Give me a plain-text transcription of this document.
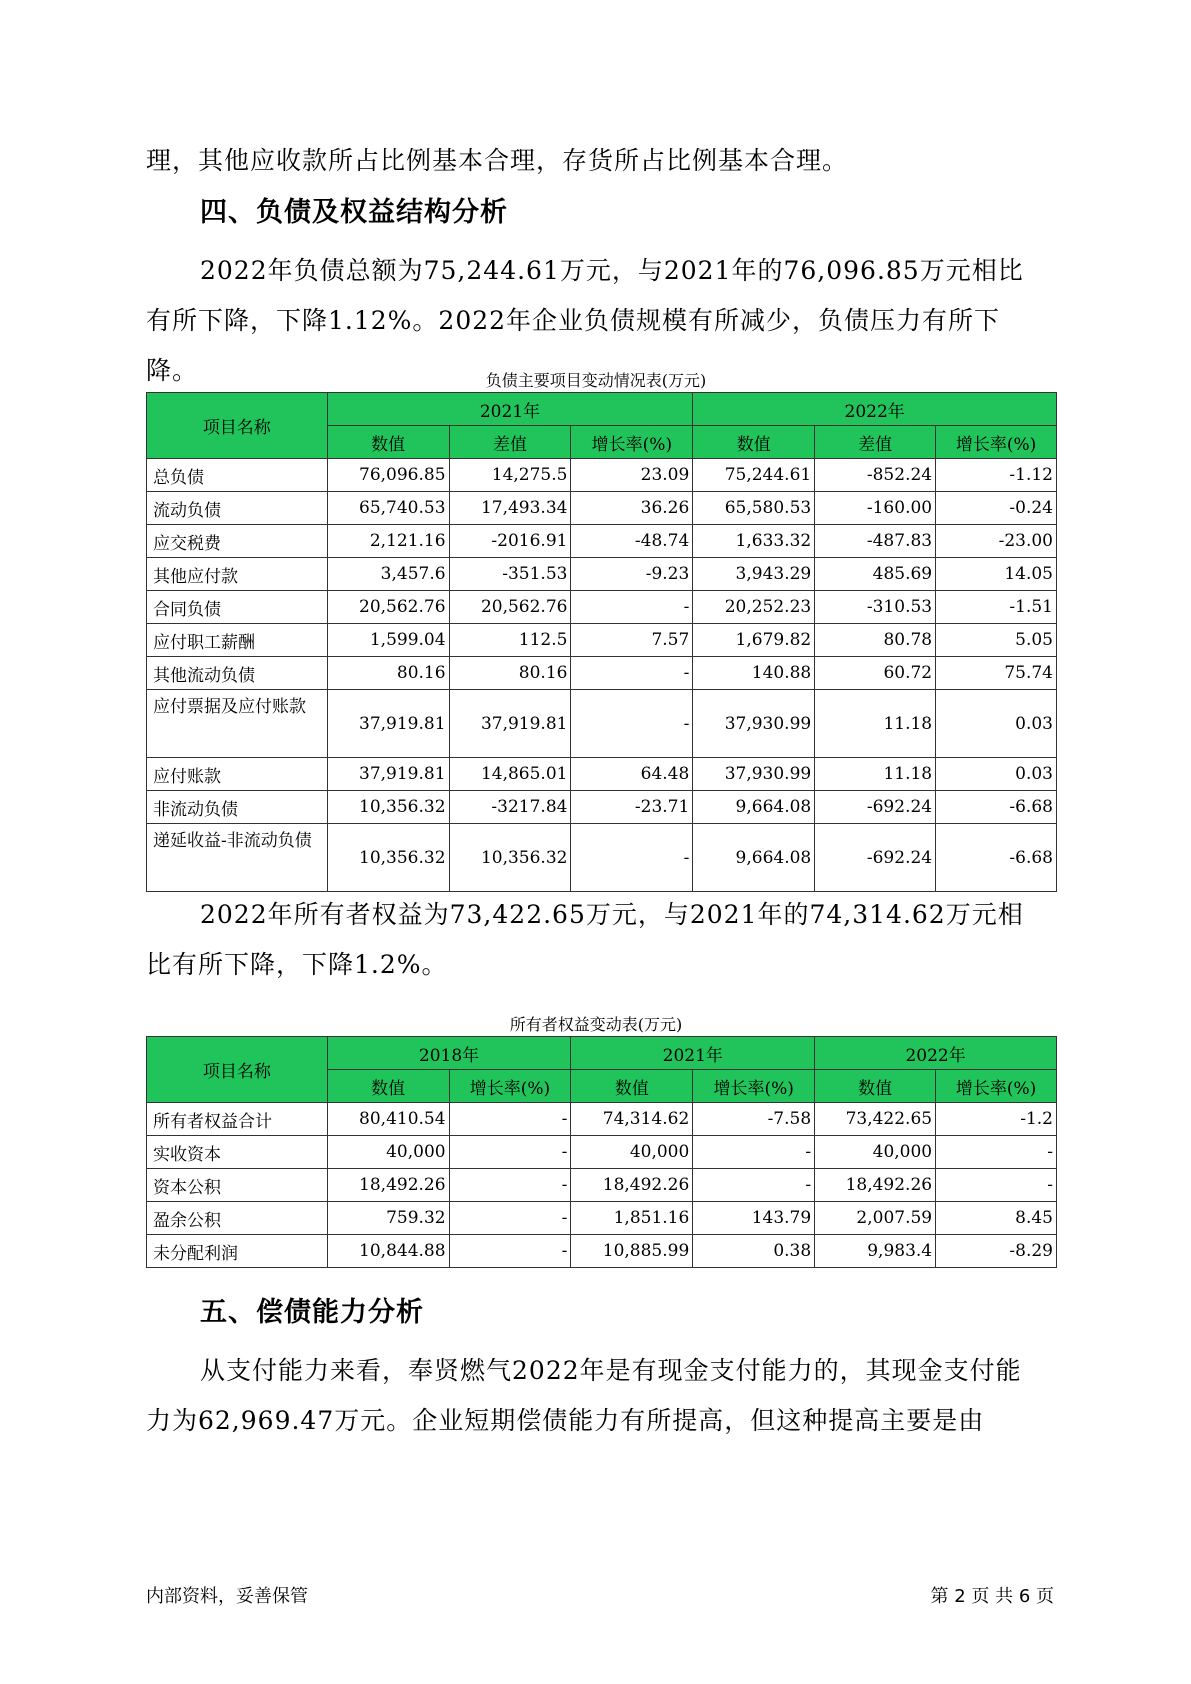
理，其他应收款所占比例基本合理，存货所占比例基本合理。

四、负债及权益结构分析

2022年负债总额为75,244.61万元，与2021年的76,096.85万元相比有所下降，下降1.12%。2022年企业负债规模有所减少，负债压力有所下降。	负债主要项目变动情况表(万元)
项目名称	2021年			2022年		
	数值	差值	增长率(%)	数值	差值	增长率(%)
总负债	76,096.85	14,275.5	23.09	75,244.61	-852.24	-1.12
流动负债	65,740.53	17,493.34	36.26	65,580.53	-160.00	-0.24
应交税费	2,121.16	-2016.91	-48.74	1,633.32	-487.83	-23.00
其他应付款	3,457.6	-351.53	-9.23	3,943.29	485.69	14.05
合同负债	20,562.76	20,562.76	-	20,252.23	-310.53	-1.51
应付职工薪酬	1,599.04	112.5	7.57	1,679.82	80.78	5.05
其他流动负债	80.16	80.16	-	140.88	60.72	75.74
应付票据及应付账款	37,919.81	37,919.81	-	37,930.99	11.18	0.03
应付账款	37,919.81	14,865.01	64.48	37,930.99	11.18	0.03
非流动负债	10,356.32	-3217.84	-23.71	9,664.08	-692.24	-6.68
递延收益-非流动负债	10,356.32	10,356.32	-	9,664.08	-692.24	-6.68

2022年所有者权益为73,422.65万元，与2021年的74,314.62万元相比有所下降，下降1.2%。

所有者权益变动表(万元)
项目名称	2018年		2021年		2022年	
	数值	增长率(%)	数值	增长率(%)	数值	增长率(%)
所有者权益合计	80,410.54	-	74,314.62	-7.58	73,422.65	-1.2
实收资本	40,000	-	40,000	-	40,000	-
资本公积	18,492.26	-	18,492.26	-	18,492.26	-
盈余公积	759.32	-	1,851.16	143.79	2,007.59	8.45
未分配利润	10,844.88	-	10,885.99	0.38	9,983.4	-8.29
五、偿债能力分析

从支付能力来看，奉贤燃气2022年是有现金支付能力的，其现金支付能力为62,969.47万元。企业短期偿债能力有所提高，但这种提高主要是由

内部资料，妥善保管	第 2 页 共 6 页
